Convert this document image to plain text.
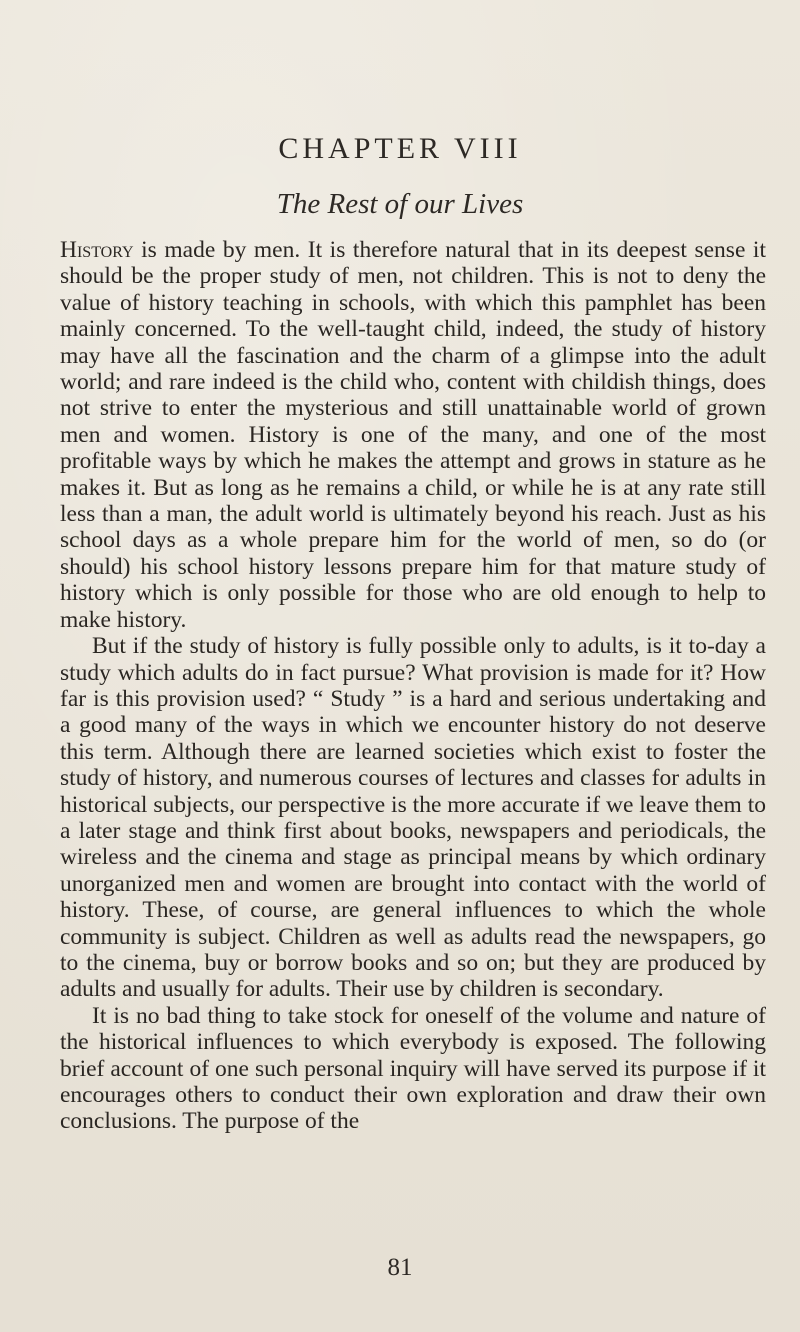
CHAPTER VIII
The Rest of our Lives

History is made by men. It is therefore natural that in its deepest sense it should be the proper study of men, not children. This is not to deny the value of history teaching in schools, with which this pamphlet has been mainly concerned. To the well-taught child, indeed, the study of history may have all the fascination and the charm of a glimpse into the adult world; and rare indeed is the child who, content with childish things, does not strive to enter the mysterious and still unattainable world of grown men and women. History is one of the many, and one of the most profitable ways by which he makes the attempt and grows in stature as he makes it. But as long as he remains a child, or while he is at any rate still less than a man, the adult world is ultimately beyond his reach. Just as his school days as a whole prepare him for the world of men, so do (or should) his school history lessons prepare him for that mature study of history which is only possible for those who are old enough to help to make history.

But if the study of history is fully possible only to adults, is it to-day a study which adults do in fact pursue? What provision is made for it? How far is this provision used? “ Study ” is a hard and serious undertaking and a good many of the ways in which we encounter history do not deserve this term. Although there are learned societies which exist to foster the study of history, and numerous courses of lectures and classes for adults in historical subjects, our perspective is the more accurate if we leave them to a later stage and think first about books, newspapers and periodicals, the wireless and the cinema and stage as principal means by which ordinary unorganized men and women are brought into contact with the world of history. These, of course, are general influences to which the whole community is subject. Children as well as adults read the newspapers, go to the cinema, buy or borrow books and so on; but they are produced by adults and usually for adults. Their use by children is secondary.

It is no bad thing to take stock for oneself of the volume and nature of the historical influences to which everybody is exposed. The following brief account of one such personal inquiry will have served its purpose if it encourages others to conduct their own exploration and draw their own conclusions. The purpose of the

81
